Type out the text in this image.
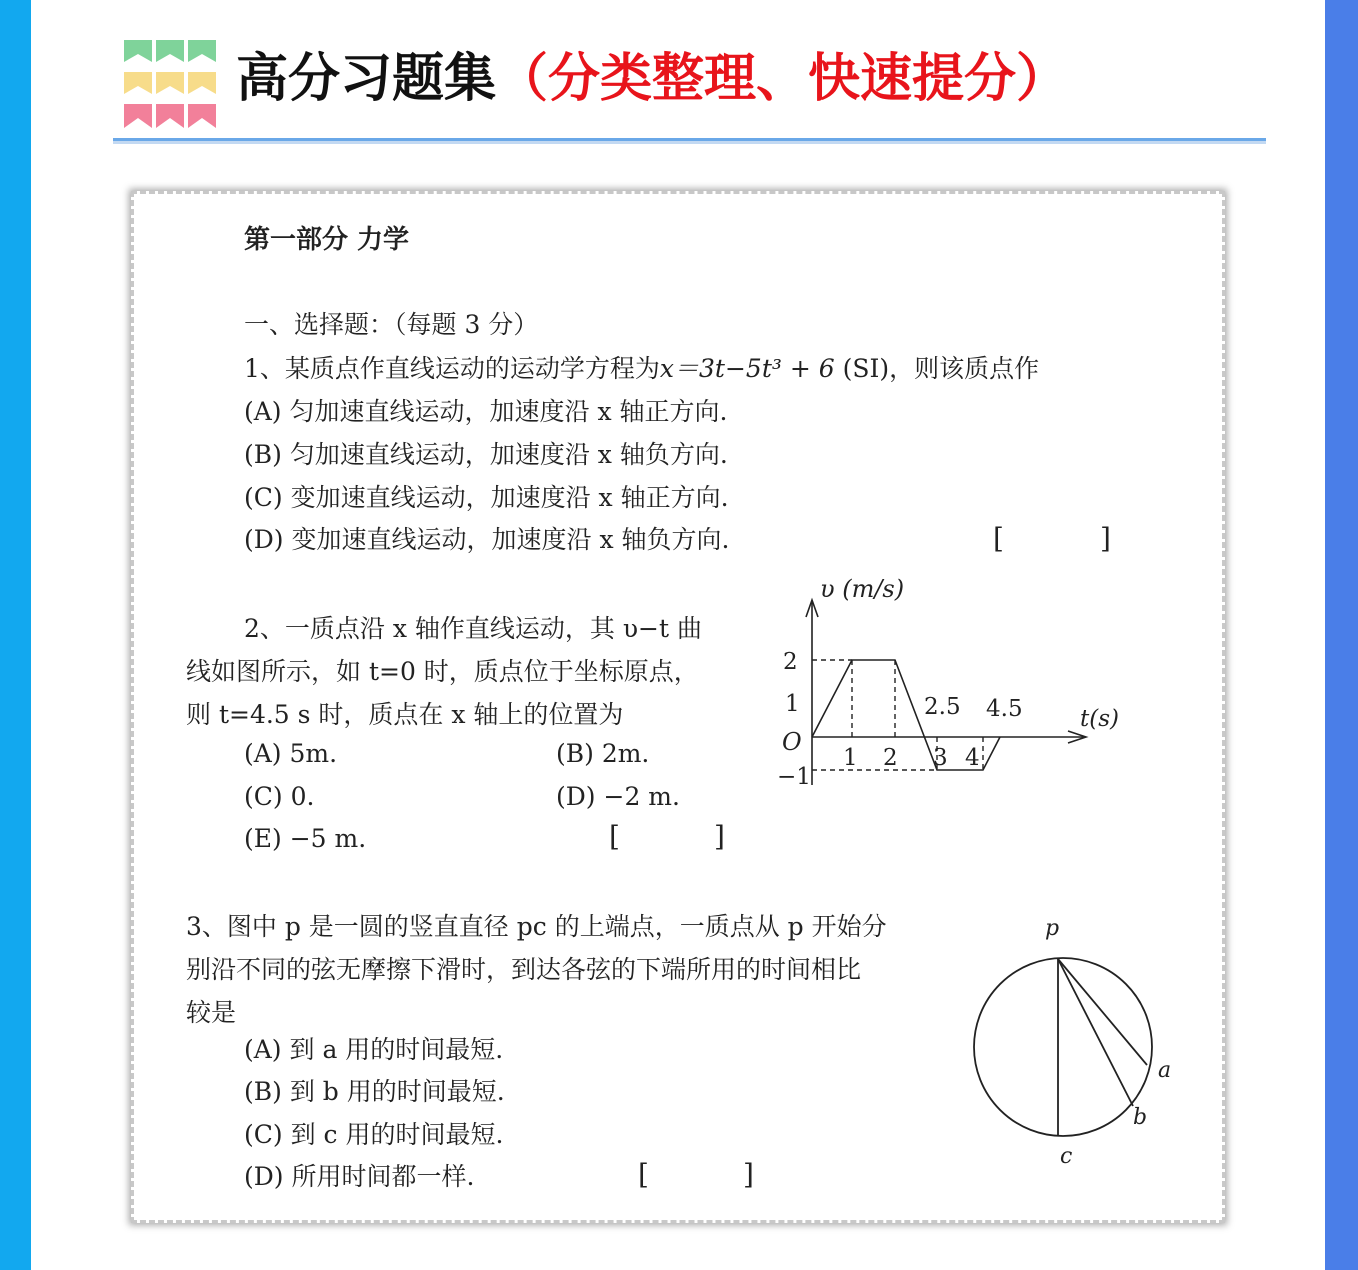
高分习题集（分类整理、快速提分）

第一部分 力学

一、选择题：（每题 3 分）

1、某质点作直线运动的运动学方程为x＝3t−5t³ + 6 (SI)，则该质点作

(A) 匀加速直线运动，加速度沿 x 轴正方向.

(B) 匀加速直线运动，加速度沿 x 轴负方向.

(C) 变加速直线运动，加速度沿 x 轴正方向.

(D) 变加速直线运动，加速度沿 x 轴负方向.	[	]

2、一质点沿 x 轴作直线运动，其 υ−t 曲
线如图所示，如 t=0 时，质点位于坐标原点，
则 t=4.5 s 时，质点在 x 轴上的位置为

(A) 5m.	(B) 2m.

(C) 0.	(D) −2 m.

(E) −5 m.	[	]

υ (m/s)
t(s)
O
2
1
−1
1 2 3 4
2.5 4.5
3、图中 p 是一圆的竖直直径 pc 的上端点，一质点从 p 开始分
别沿不同的弦无摩擦下滑时，到达各弦的下端所用的时间相比
较是

(A) 到 a 用的时间最短.

(B) 到 b 用的时间最短.

(C) 到 c 用的时间最短.

(D) 所用时间都一样.	[	]

p
a
b
c
